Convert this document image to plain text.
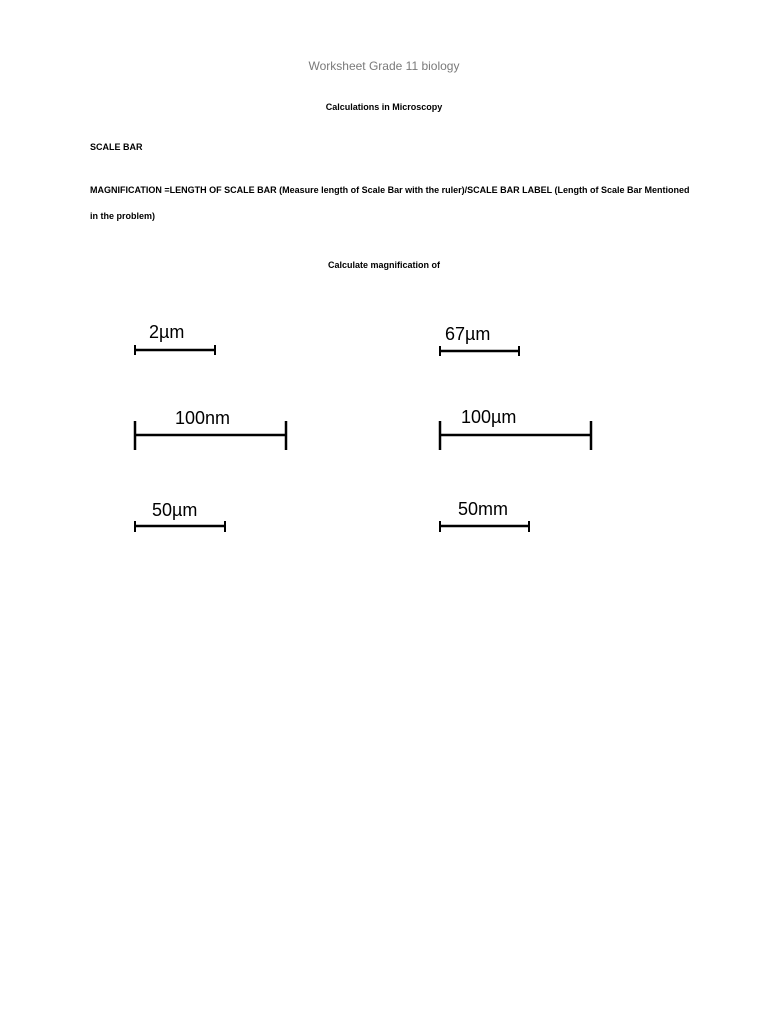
Worksheet Grade 11 biology
Calculations in Microscopy
SCALE BAR
MAGNIFICATION =LENGTH OF SCALE BAR (Measure length of Scale Bar with the ruler)/SCALE BAR LABEL (Length of Scale Bar Mentioned in the problem)
Calculate magnification of
2µm	67µm
100nm	100µm
50µm	50mm
